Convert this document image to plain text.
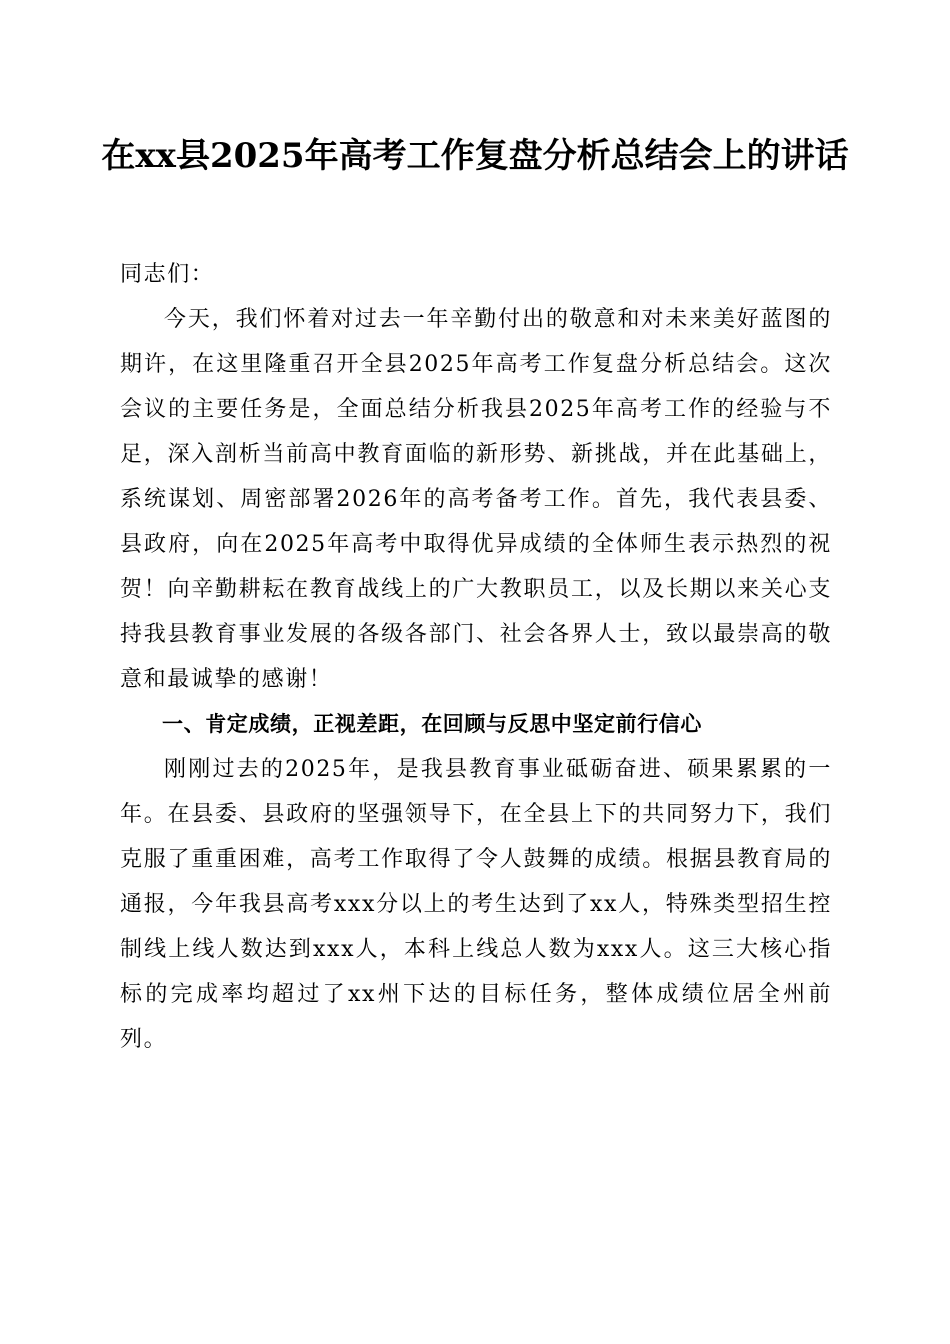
在xx县2025年高考工作复盘分析总结会上的讲话

同志们：

今天，我们怀着对过去一年辛勤付出的敬意和对未来美好蓝图的期许，在这里隆重召开全县2025年高考工作复盘分析总结会。这次会议的主要任务是，全面总结分析我县2025年高考工作的经验与不足，深入剖析当前高中教育面临的新形势、新挑战，并在此基础上，系统谋划、周密部署2026年的高考备考工作。首先，我代表县委、县政府，向在2025年高考中取得优异成绩的全体师生表示热烈的祝贺！向辛勤耕耘在教育战线上的广大教职员工，以及长期以来关心支持我县教育事业发展的各级各部门、社会各界人士，致以最崇高的敬意和最诚挚的感谢！

一、肯定成绩，正视差距，在回顾与反思中坚定前行信心

刚刚过去的2025年，是我县教育事业砥砺奋进、硕果累累的一年。在县委、县政府的坚强领导下，在全县上下的共同努力下，我们克服了重重困难，高考工作取得了令人鼓舞的成绩。根据县教育局的通报，今年我县高考xxx分以上的考生达到了xx人，特殊类型招生控制线上线人数达到xxx人，本科上线总人数为xxx人。这三大核心指标的完成率均超过了xx州下达的目标任务，整体成绩位居全州前列。
